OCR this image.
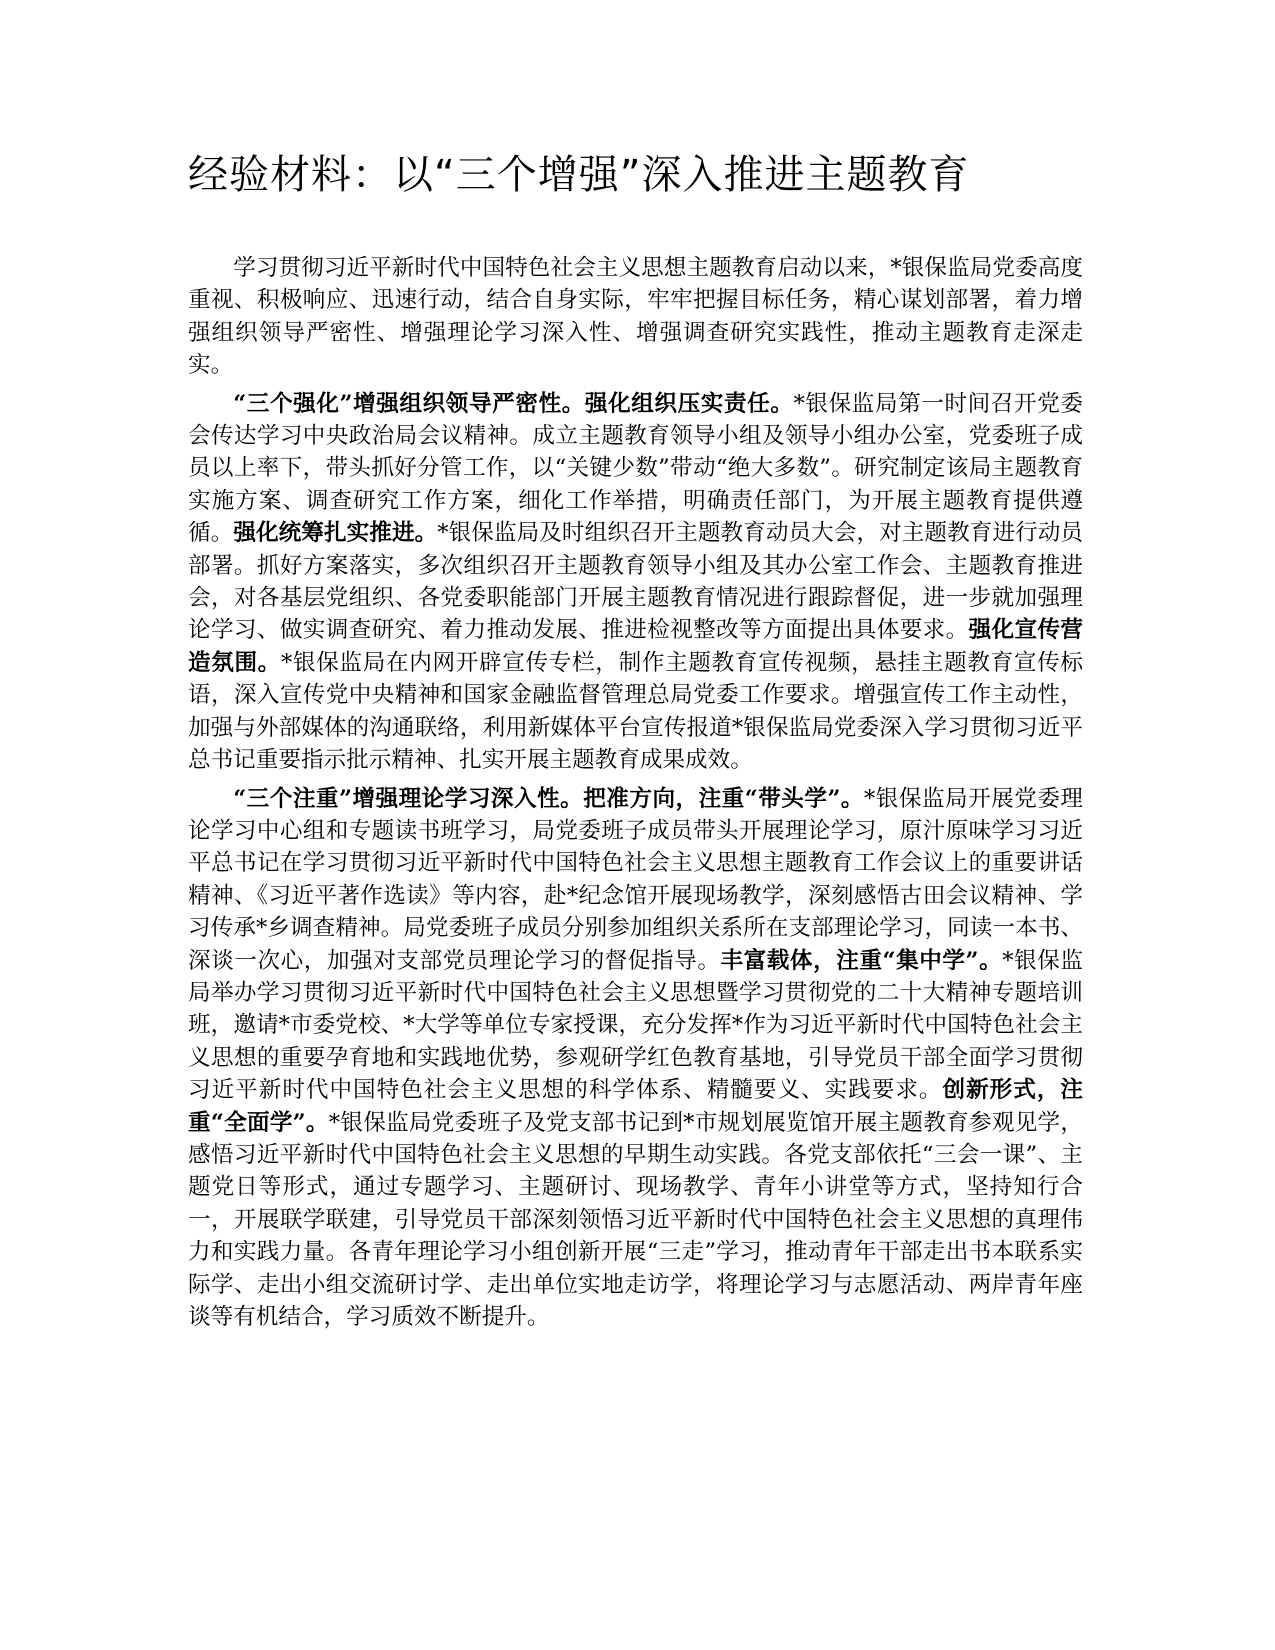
经验材料：以“三个增强”深入推进主题教育

学习贯彻习近平新时代中国特色社会主义思想主题教育启动以来，*银保监局党委高度重视、积极响应、迅速行动，结合自身实际，牢牢把握目标任务，精心谋划部署，着力增强组织领导严密性、增强理论学习深入性、增强调查研究实践性，推动主题教育走深走实。

“三个强化”增强组织领导严密性。强化组织压实责任。*银保监局第一时间召开党委会传达学习中央政治局会议精神。成立主题教育领导小组及领导小组办公室，党委班子成员以上率下，带头抓好分管工作，以“关键少数”带动“绝大多数”。研究制定该局主题教育实施方案、调查研究工作方案，细化工作举措，明确责任部门，为开展主题教育提供遵循。强化统筹扎实推进。*银保监局及时组织召开主题教育动员大会，对主题教育进行动员部署。抓好方案落实，多次组织召开主题教育领导小组及其办公室工作会、主题教育推进会，对各基层党组织、各党委职能部门开展主题教育情况进行跟踪督促，进一步就加强理论学习、做实调查研究、着力推动发展、推进检视整改等方面提出具体要求。强化宣传营造氛围。*银保监局在内网开辟宣传专栏，制作主题教育宣传视频，悬挂主题教育宣传标语，深入宣传党中央精神和国家金融监督管理总局党委工作要求。增强宣传工作主动性，加强与外部媒体的沟通联络，利用新媒体平台宣传报道*银保监局党委深入学习贯彻习近平总书记重要指示批示精神、扎实开展主题教育成果成效。

“三个注重”增强理论学习深入性。把准方向，注重“带头学”。*银保监局开展党委理论学习中心组和专题读书班学习，局党委班子成员带头开展理论学习，原汁原味学习习近平总书记在学习贯彻习近平新时代中国特色社会主义思想主题教育工作会议上的重要讲话精神、《习近平著作选读》等内容，赴*纪念馆开展现场教学，深刻感悟古田会议精神、学习传承*乡调查精神。局党委班子成员分别参加组织关系所在支部理论学习，同读一本书、深谈一次心，加强对支部党员理论学习的督促指导。丰富载体，注重“集中学”。*银保监局举办学习贯彻习近平新时代中国特色社会主义思想暨学习贯彻党的二十大精神专题培训班，邀请*市委党校、*大学等单位专家授课，充分发挥*作为习近平新时代中国特色社会主义思想的重要孕育地和实践地优势，参观研学红色教育基地，引导党员干部全面学习贯彻习近平新时代中国特色社会主义思想的科学体系、精髓要义、实践要求。创新形式，注重“全面学”。*银保监局党委班子及党支部书记到*市规划展览馆开展主题教育参观见学，感悟习近平新时代中国特色社会主义思想的早期生动实践。各党支部依托“三会一课”、主题党日等形式，通过专题学习、主题研讨、现场教学、青年小讲堂等方式，坚持知行合一，开展联学联建，引导党员干部深刻领悟习近平新时代中国特色社会主义思想的真理伟力和实践力量。各青年理论学习小组创新开展“三走”学习，推动青年干部走出书本联系实际学、走出小组交流研讨学、走出单位实地走访学，将理论学习与志愿活动、两岸青年座谈等有机结合，学习质效不断提升。
